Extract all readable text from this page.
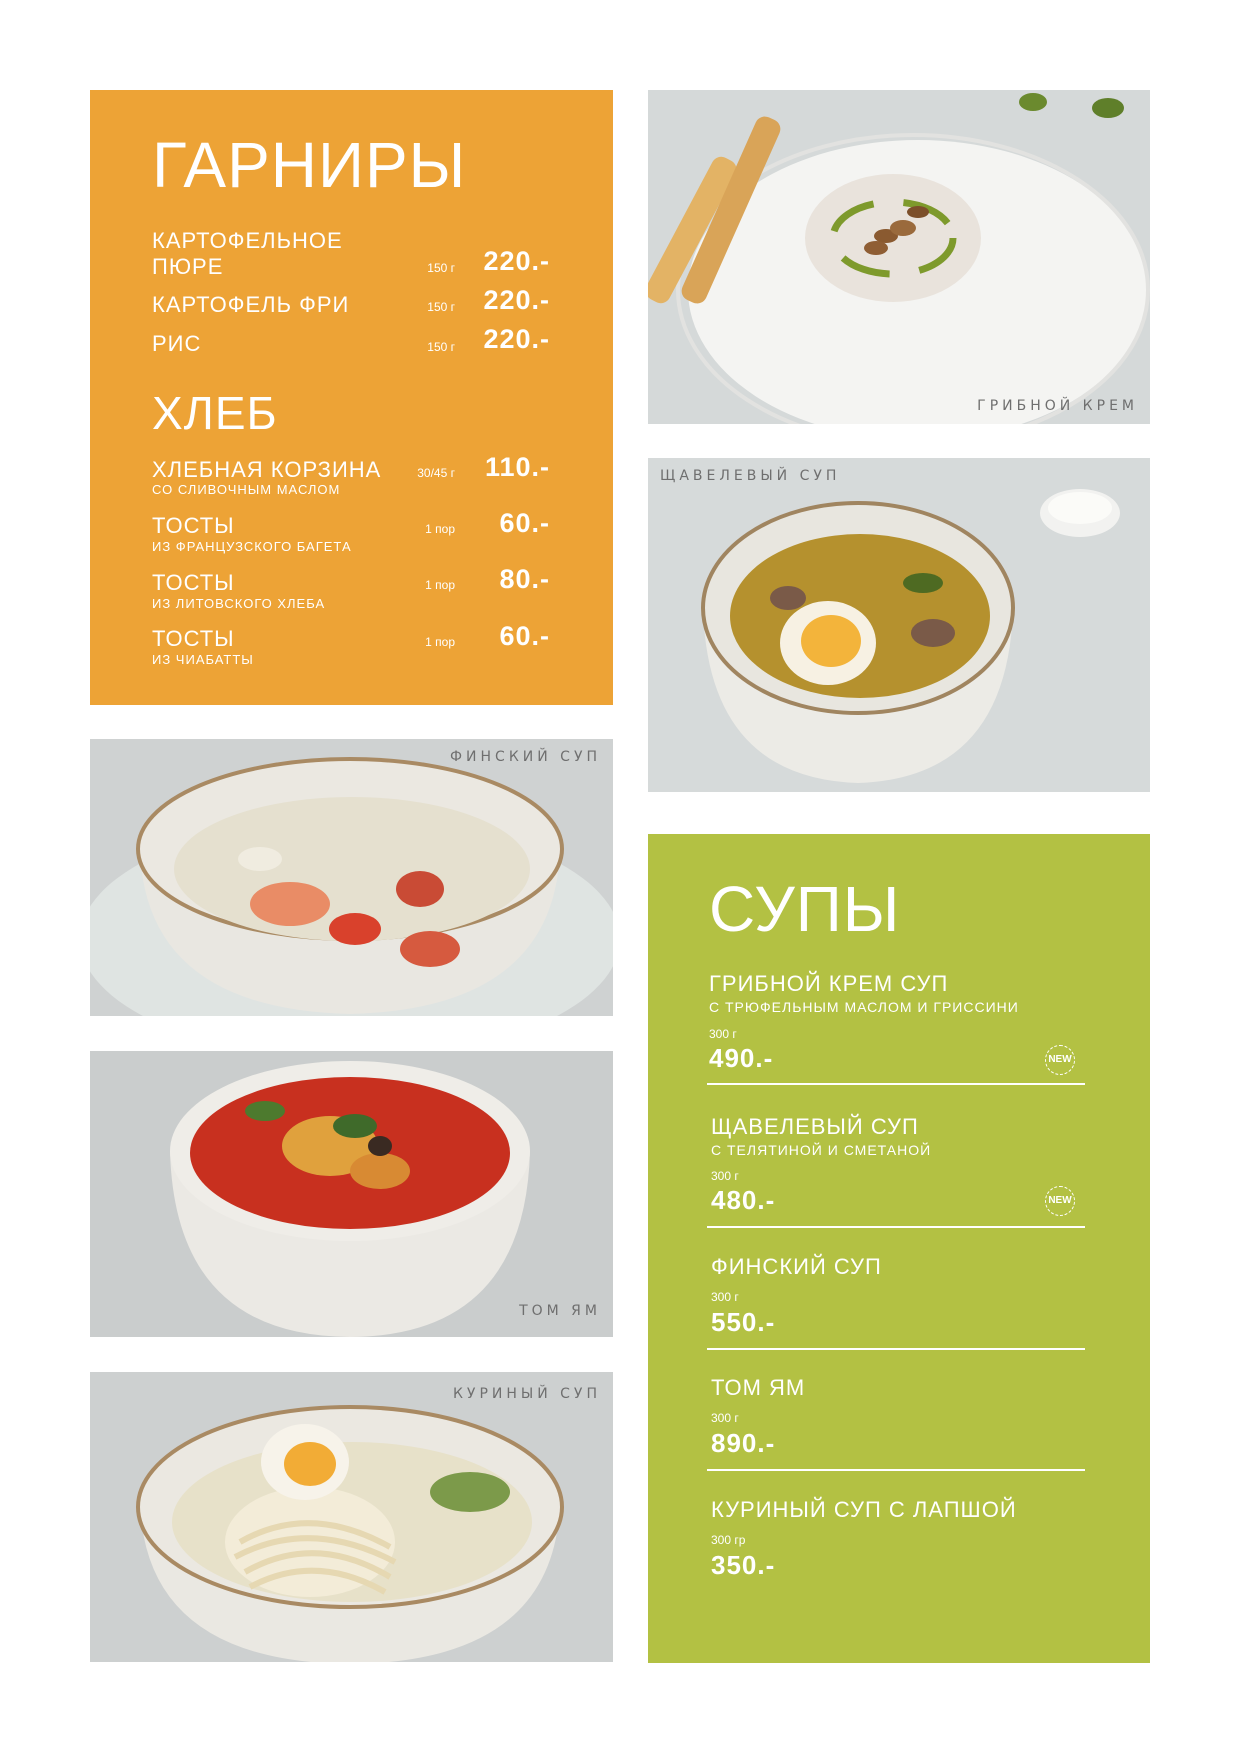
ГАРНИРЫ
КАРТОФЕЛЬНОЕ ПЮРЕ	150 г	220.-
КАРТОФЕЛЬ ФРИ	150 г	220.-
РИС	150 г	220.-
ХЛЕБ
ХЛЕБНАЯ КОРЗИНА
СО СЛИВОЧНЫМ МАСЛОМ
30/45 г	110.-
ТОСТЫ
ИЗ ФРАНЦУЗСКОГО БАГЕТА
1 пор	60.-
ТОСТЫ
ИЗ ЛИТОВСКОГО ХЛЕБА
1 пор	80.-
ТОСТЫ
ИЗ ЧИАБАТТЫ
1 пор	60.-
ГРИБНОЙ КРЕМ
ЩАВЕЛЕВЫЙ СУП
ФИНСКИЙ СУП
ТОМ ЯМ
КУРИНЫЙ СУП
СУПЫ
ГРИБНОЙ КРЕМ СУП
С ТРЮФЕЛЬНЫМ МАСЛОМ И ГРИССИНИ
300 г
490.-	NEW
ЩАВЕЛЕВЫЙ СУП
С ТЕЛЯТИНОЙ И СМЕТАНОЙ
300 г
480.-	NEW
ФИНСКИЙ СУП
300 г
550.-
ТОМ ЯМ
300 г
890.-
КУРИНЫЙ СУП С ЛАПШОЙ
300 гр
350.-
